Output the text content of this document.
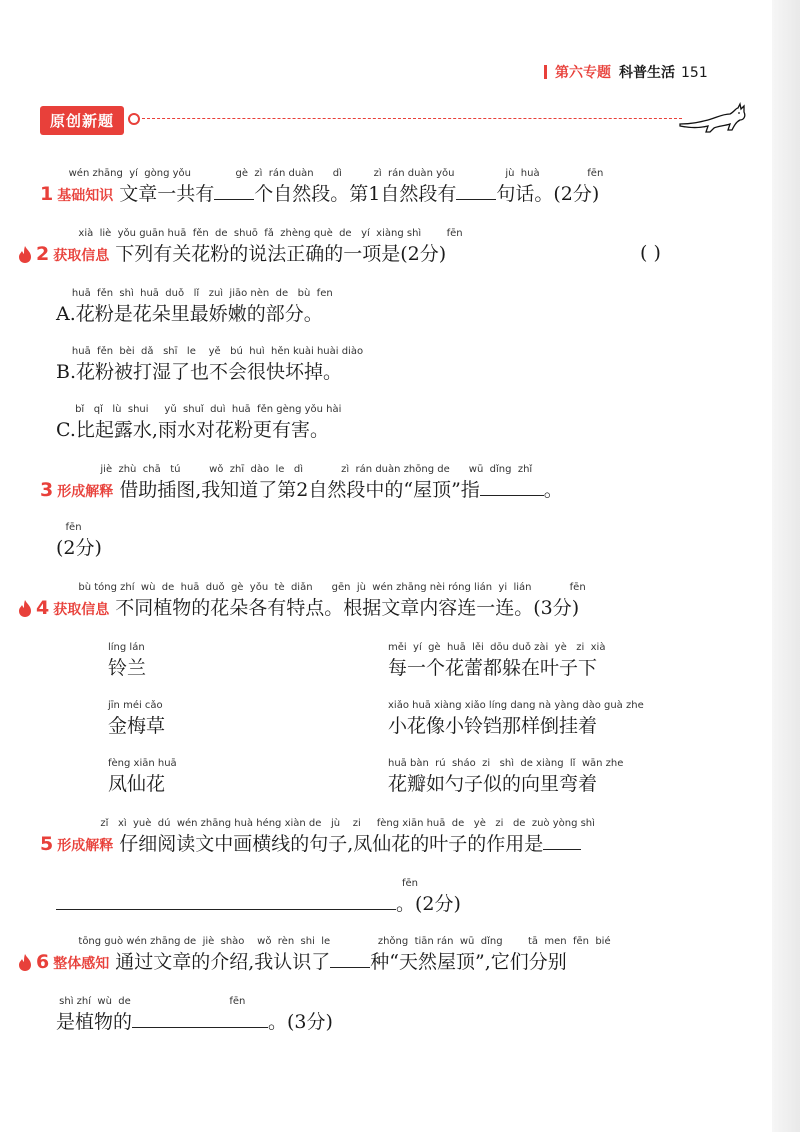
第六专题 科普生活 151
原创新题
wén zhāng  yí  gòng yǒu              gè  zì  rán duàn      dì          zì  rán duàn yǒu                jù  huà               fēn
1 基础知识 文章一共有 个自然段。第1自然段有 句话。(2分)
xià  liè  yǒu guān huā  fěn  de  shuō  fǎ  zhèng què  de   yí  xiàng shì        fēn
2 获取信息 下列有关花粉的说法正确的一项是(2分)	( )
huā  fěn  shì  huā  duǒ   lǐ   zuì  jiāo nèn  de   bù  fen
A.花粉是花朵里最娇嫩的部分。
huā  fěn  bèi  dǎ   shī   le    yě   bú  huì  hěn kuài huài diào
B.花粉被打湿了也不会很快坏掉。
bǐ   qǐ   lù  shui     yǔ  shuǐ  duì  huā  fěn gèng yǒu hài
C.比起露水,雨水对花粉更有害。
jiè  zhù  chā   tú         wǒ  zhī  dào  le   dì            zì  rán duàn zhōng de      wū  dǐng  zhǐ
3 形成解释 借助插图,我知道了第2自然段中的“屋顶”指	。
fēn
(2分)
bù tóng zhí  wù  de  huā  duǒ  gè  yǒu  tè  diǎn      gēn  jù  wén zhāng nèi róng lián  yi  lián            fēn
4 获取信息 不同植物的花朵各有特点。根据文章内容连一连。(3分)
líng lán
铃兰
jīn méi cǎo
金梅草
fèng xiān huā
凤仙花
měi  yí  gè  huā  lěi  dōu duǒ zài  yè   zi  xià
每一个花蕾都躲在叶子下
xiǎo huā xiàng xiǎo líng dang nà yàng dào guà zhe
小花像小铃铛那样倒挂着
huā bàn  rú  sháo  zi   shì  de xiàng  lǐ  wān zhe
花瓣如勺子似的向里弯着
zǐ   xì  yuè  dú  wén zhāng huà héng xiàn de   jù    zi     fèng xiān huā  de   yè   zi   de  zuò yòng shì
5 形成解释 仔细阅读文中画横线的句子,凤仙花的叶子的作用是
fēn
。(2分)
tōng guò wén zhāng de  jiè  shào    wǒ  rèn  shi  le               zhǒng  tiān rán  wū  dǐng        tā  men  fēn  bié
6 整体感知 通过文章的介绍,我认识了 种“天然屋顶”,它们分别
shì zhí  wù  de                               fēn
是植物的	。(3分)
